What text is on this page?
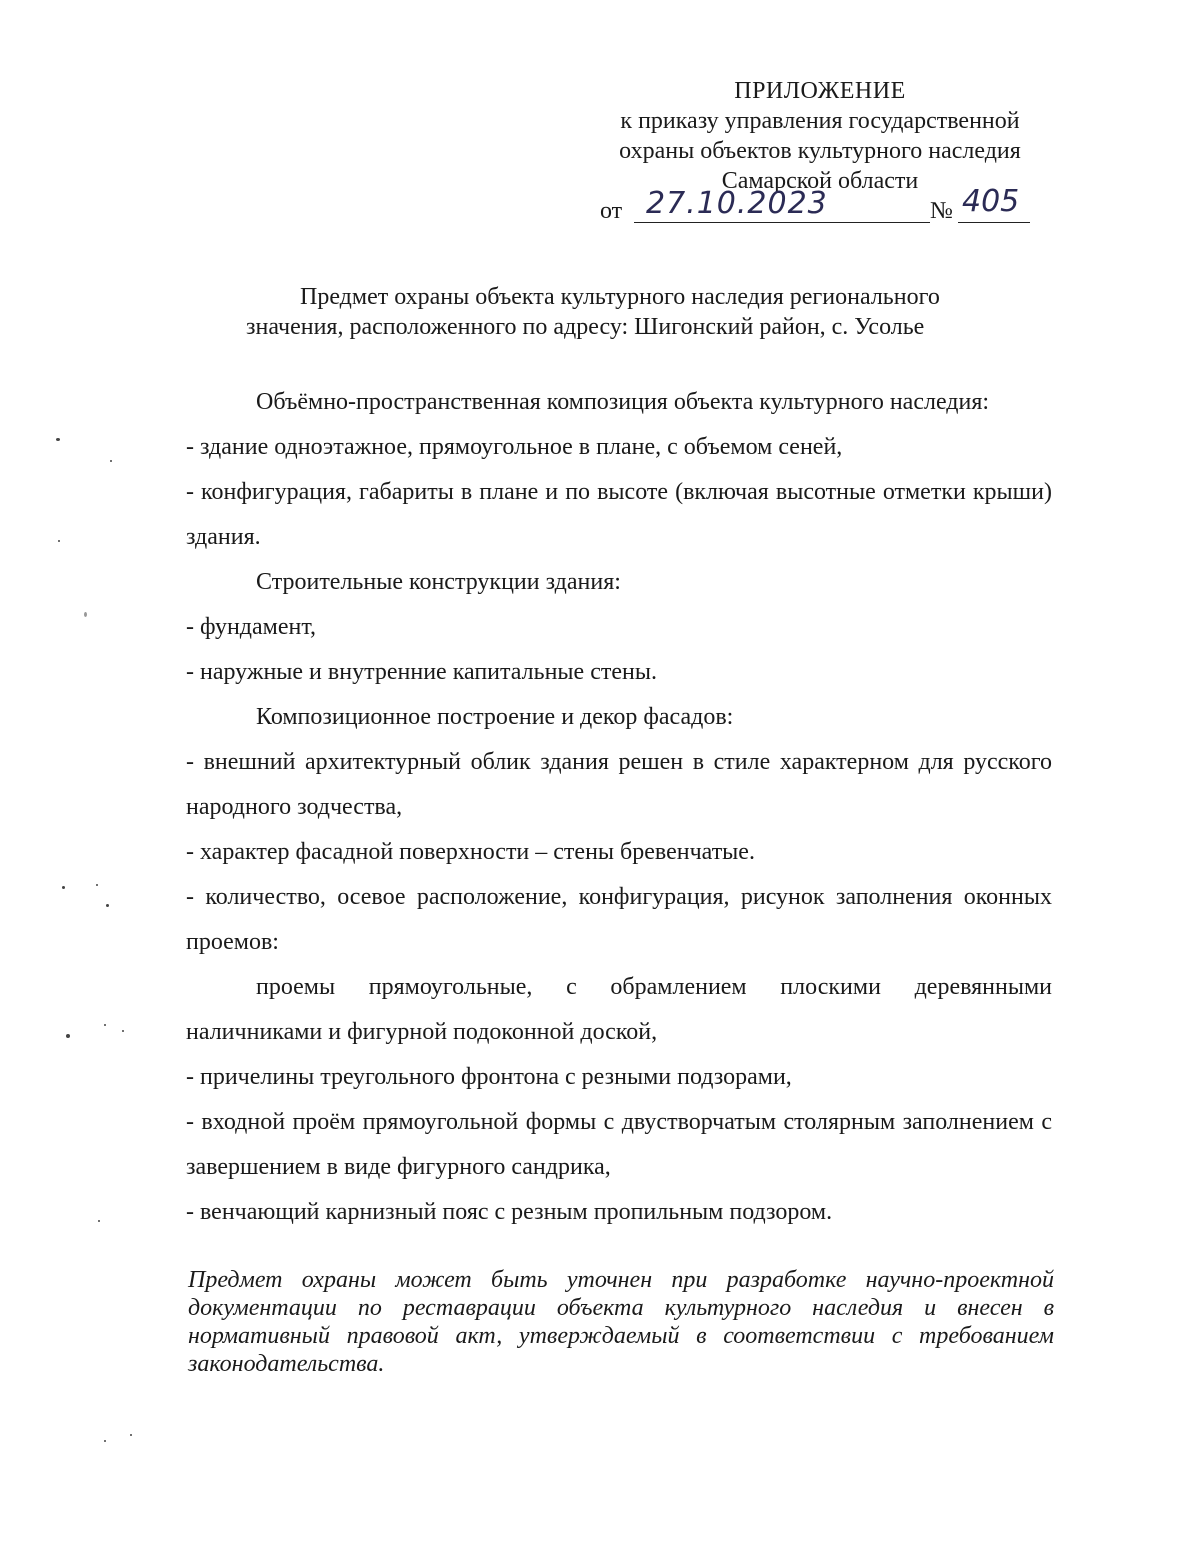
ПРИЛОЖЕНИЕ
к приказу управления государственной
охраны объектов культурного наследия
Самарской области
от 27.10.2023	№ 405
Предмет охраны объекта культурного наследия регионального
значения, расположенного по адресу: Шигонский район, с. Усолье

Объёмно-пространственная композиция объекта культурного наследия:

- здание одноэтажное, прямоугольное в плане, с объемом сеней,

- конфигурация, габариты в плане и по высоте (включая высотные отметки крыши) здания.

Строительные конструкции здания:

- фундамент,

- наружные и внутренние капитальные стены.

Композиционное построение и декор фасадов:

- внешний архитектурный облик здания решен в стиле характерном для русского народного зодчества,

- характер фасадной поверхности – стены бревенчатые.

- количество, осевое расположение, конфигурация, рисунок заполнения оконных проемов:

проемы прямоугольные, с обрамлением плоскими деревянными наличниками и фигурной подоконной доской,

- причелины треугольного фронтона с резными подзорами,

- входной проём прямоугольной формы с двустворчатым столярным заполнением с завершением в виде фигурного сандрика,

- венчающий карнизный пояс с резным пропильным подзором.

Предмет охраны может быть уточнен при разработке научно-проектной документации по реставрации объекта культурного наследия и внесен в нормативный правовой акт, утверждаемый в соответствии с требованием законодательства.
